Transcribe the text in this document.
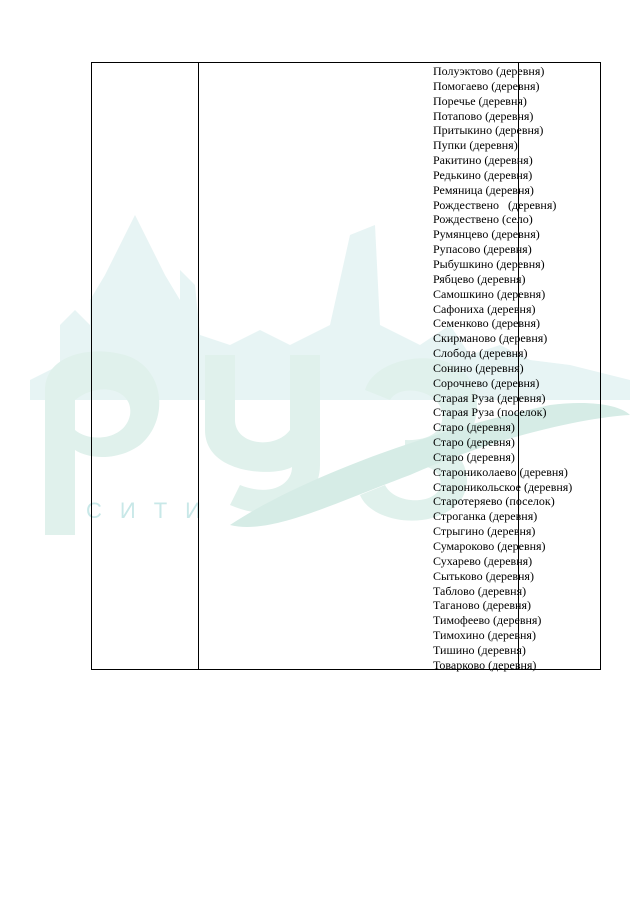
СИТИ
Полуэктово (деревня)
Помогаево (деревня)
Поречье (деревня)
Потапово (деревня)
Притыкино (деревня)
Пупки (деревня)
Ракитино (деревня)
Редькино (деревня)
Ремяница (деревня)
Рождествено   (деревня)
Рождествено (село)
Румянцево (деревня)
Рупасово (деревня)
Рыбушкино (деревня)
Рябцево (деревня)
Самошкино (деревня)
Сафониха (деревня)
Семенково (деревня)
Скирманово (деревня)
Слобода (деревня)
Сонино (деревня)
Сорочнево (деревня)
Старая Руза (деревня)
Старая Руза (поселок)
Старо (деревня)
Старо (деревня)
Старо (деревня)
Староникoлаево (деревня)
Староникольское (деревня)
Старотеряево (поселок)
Строганка (деревня)
Стрыгино (деревня)
Сумароково (деревня)
Сухарево (деревня)
Сытьково (деревня)
Таблово (деревня)
Таганово (деревня)
Тимофеево (деревня)
Тимохино (деревня)
Тишино (деревня)
Товарково (деревня)
